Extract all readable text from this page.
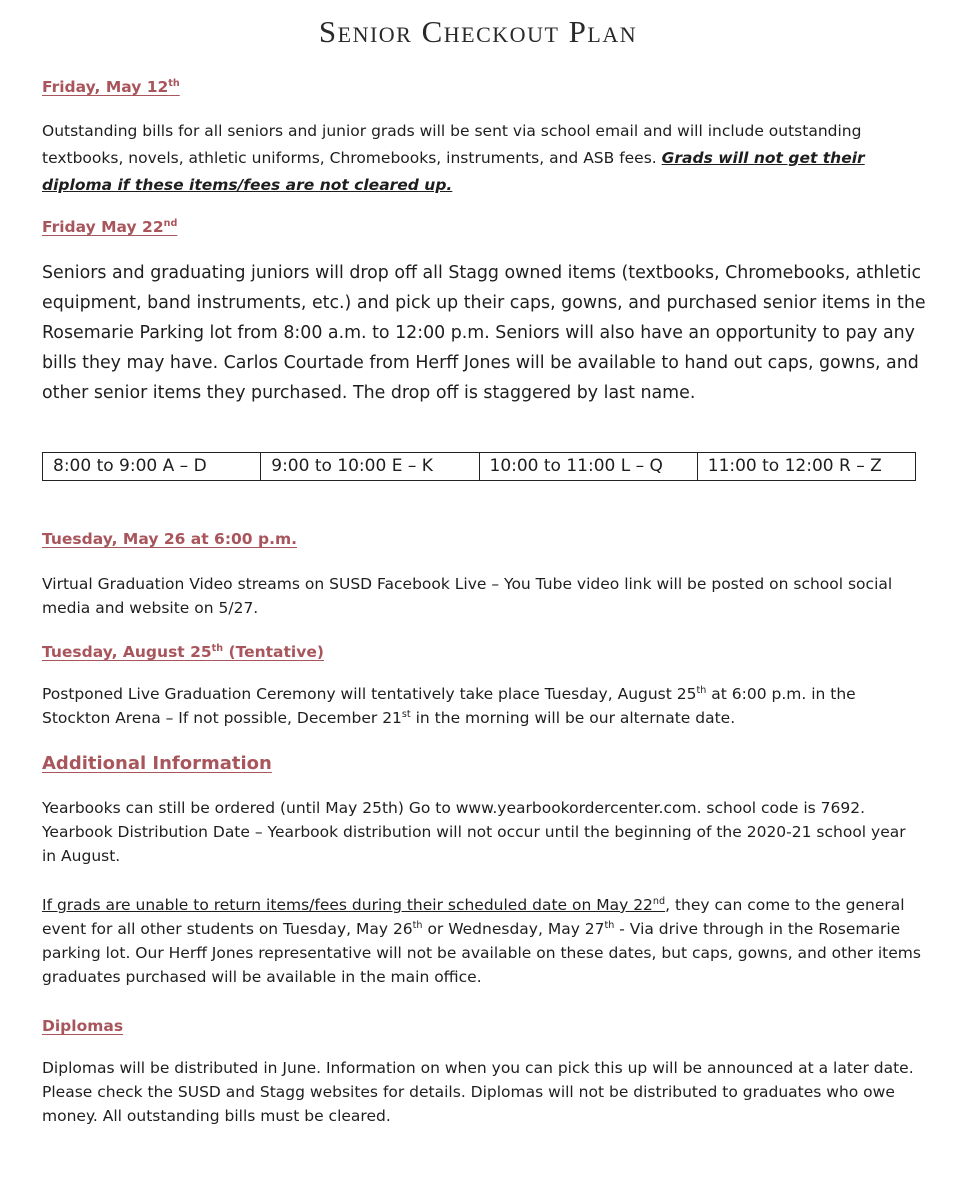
Senior Checkout Plan
Friday, May 12th

Outstanding bills for all seniors and junior grads will be sent via school email and will include outstanding textbooks, novels, athletic uniforms, Chromebooks, instruments, and ASB fees. Grads will not get their diploma if these items/fees are not cleared up.

Friday May 22nd

Seniors and graduating juniors will drop off all Stagg owned items (textbooks, Chromebooks, athletic equipment, band instruments, etc.) and pick up their caps, gowns, and purchased senior items in the Rosemarie Parking lot from 8:00 a.m. to 12:00 p.m. Seniors will also have an opportunity to pay any bills they may have. Carlos Courtade from Herff Jones will be available to hand out caps, gowns, and other senior items they purchased. The drop off is staggered by last name.

8:00 to 9:00 A – D	9:00 to 10:00 E – K	10:00 to 11:00 L – Q	11:00 to 12:00 R – Z
Tuesday, May 26 at 6:00 p.m.

Virtual Graduation Video streams on SUSD Facebook Live – You Tube video link will be posted on school social media and website on 5/27.

Tuesday, August 25th (Tentative)

Postponed Live Graduation Ceremony will tentatively take place Tuesday, August 25th at 6:00 p.m. in the Stockton Arena – If not possible, December 21st in the morning will be our alternate date.

Additional Information

Yearbooks can still be ordered (until May 25th) Go to www.yearbookordercenter.com. school code is 7692. Yearbook Distribution Date – Yearbook distribution will not occur until the beginning of the 2020-21 school year in August.

If grads are unable to return items/fees during their scheduled date on May 22nd, they can come to the general event for all other students on Tuesday, May 26th or Wednesday, May 27th - Via drive through in the Rosemarie parking lot. Our Herff Jones representative will not be available on these dates, but caps, gowns, and other items graduates purchased will be available in the main office.

Diplomas

Diplomas will be distributed in June. Information on when you can pick this up will be announced at a later date. Please check the SUSD and Stagg websites for details. Diplomas will not be distributed to graduates who owe money. All outstanding bills must be cleared.
